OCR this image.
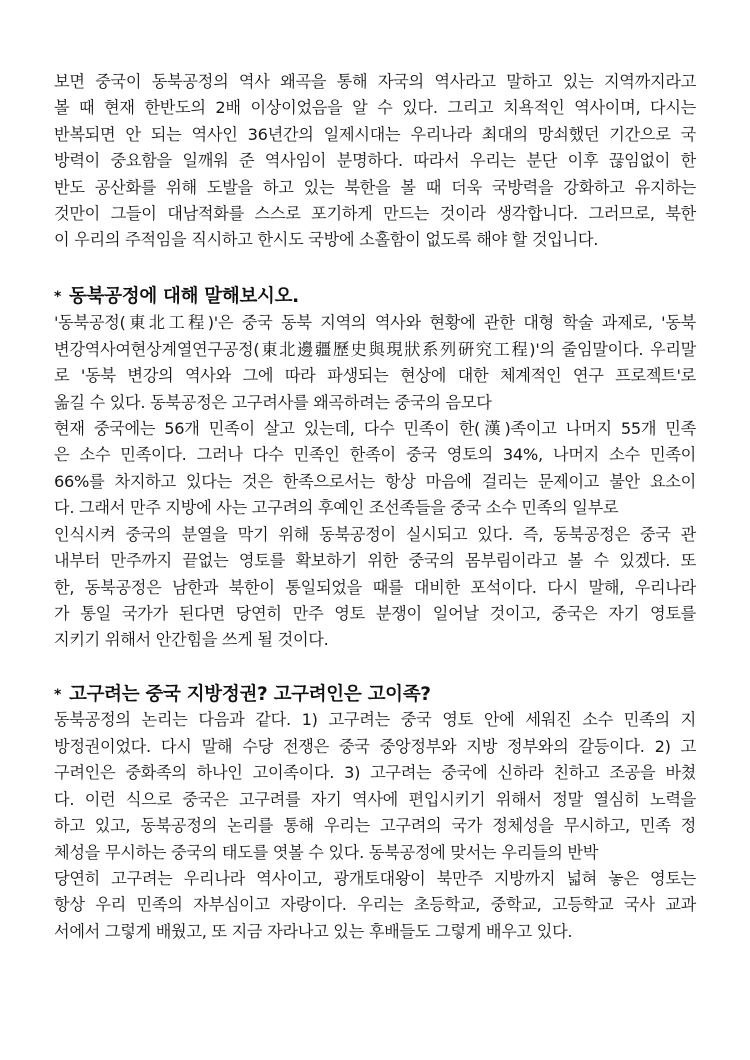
보면 중국이 동북공정의 역사 왜곡을 통해 자국의 역사라고 말하고 있는 지역까지라고
볼 때 현재 한반도의 2배 이상이었음을 알 수 있다. 그리고 치욕적인 역사이며, 다시는
반복되면 안 되는 역사인 36년간의 일제시대는 우리나라 최대의 망쇠했던 기간으로 국
방력이 중요함을 일깨워 준 역사임이 분명하다. 따라서 우리는 분단 이후 끊임없이 한
반도 공산화를 위해 도발을 하고 있는 북한을 볼 때 더욱 국방력을 강화하고 유지하는
것만이 그들이 대남적화를 스스로 포기하게 만드는 것이라 생각합니다. 그러므로, 북한
이 우리의 주적임을 직시하고 한시도 국방에 소홀함이 없도록 해야 할 것입니다.
* 동북공정에 대해 말해보시오.
'동북공정(東北工程)'은 중국 동북 지역의 역사와 현황에 관한 대형 학술 과제로, '동북
변강역사여현상계열연구공정(東北邊疆歷史與現狀系列硏究工程)'의 줄임말이다. 우리말
로 '동북 변강의 역사와 그에 따라 파생되는 현상에 대한 체계적인 연구 프로젝트'로
옮길 수 있다. 동북공정은 고구려사를 왜곡하려는 중국의 음모다
현재 중국에는 56개 민족이 살고 있는데, 다수 민족이 한(漢)족이고 나머지 55개 민족
은 소수 민족이다. 그러나 다수 민족인 한족이 중국 영토의 34%, 나머지 소수 민족이
66%를 차지하고 있다는 것은 한족으로서는 항상 마음에 걸리는 문제이고 불안 요소이
다. 그래서 만주 지방에 사는 고구려의 후예인 조선족들을 중국 소수 민족의 일부로
인식시켜 중국의 분열을 막기 위해 동북공정이 실시되고 있다. 즉, 동북공정은 중국 관
내부터 만주까지 끝없는 영토를 확보하기 위한 중국의 몸부림이라고 볼 수 있겠다. 또
한, 동북공정은 남한과 북한이 통일되었을 때를 대비한 포석이다. 다시 말해, 우리나라
가 통일 국가가 된다면 당연히 만주 영토 분쟁이 일어날 것이고, 중국은 자기 영토를
지키기 위해서 안간힘을 쓰게 될 것이다.
* 고구려는 중국 지방정권? 고구려인은 고이족?
동북공정의 논리는 다음과 같다. 1) 고구려는 중국 영토 안에 세워진 소수 민족의 지
방정권이었다. 다시 말해 수당 전쟁은 중국 중앙정부와 지방 정부와의 갈등이다. 2) 고
구려인은 중화족의 하나인 고이족이다. 3) 고구려는 중국에 신하라 친하고 조공을 바쳤
다. 이런 식으로 중국은 고구려를 자기 역사에 편입시키기 위해서 정말 열심히 노력을
하고 있고, 동북공정의 논리를 통해 우리는 고구려의 국가 정체성을 무시하고, 민족 정
체성을 무시하는 중국의 태도를 엿볼 수 있다. 동북공정에 맞서는 우리들의 반박
당연히 고구려는 우리나라 역사이고, 광개토대왕이 북만주 지방까지 넓혀 놓은 영토는
항상 우리 민족의 자부심이고 자랑이다. 우리는 초등학교, 중학교, 고등학교 국사 교과
서에서 그렇게 배웠고, 또 지금 자라나고 있는 후배들도 그렇게 배우고 있다.
